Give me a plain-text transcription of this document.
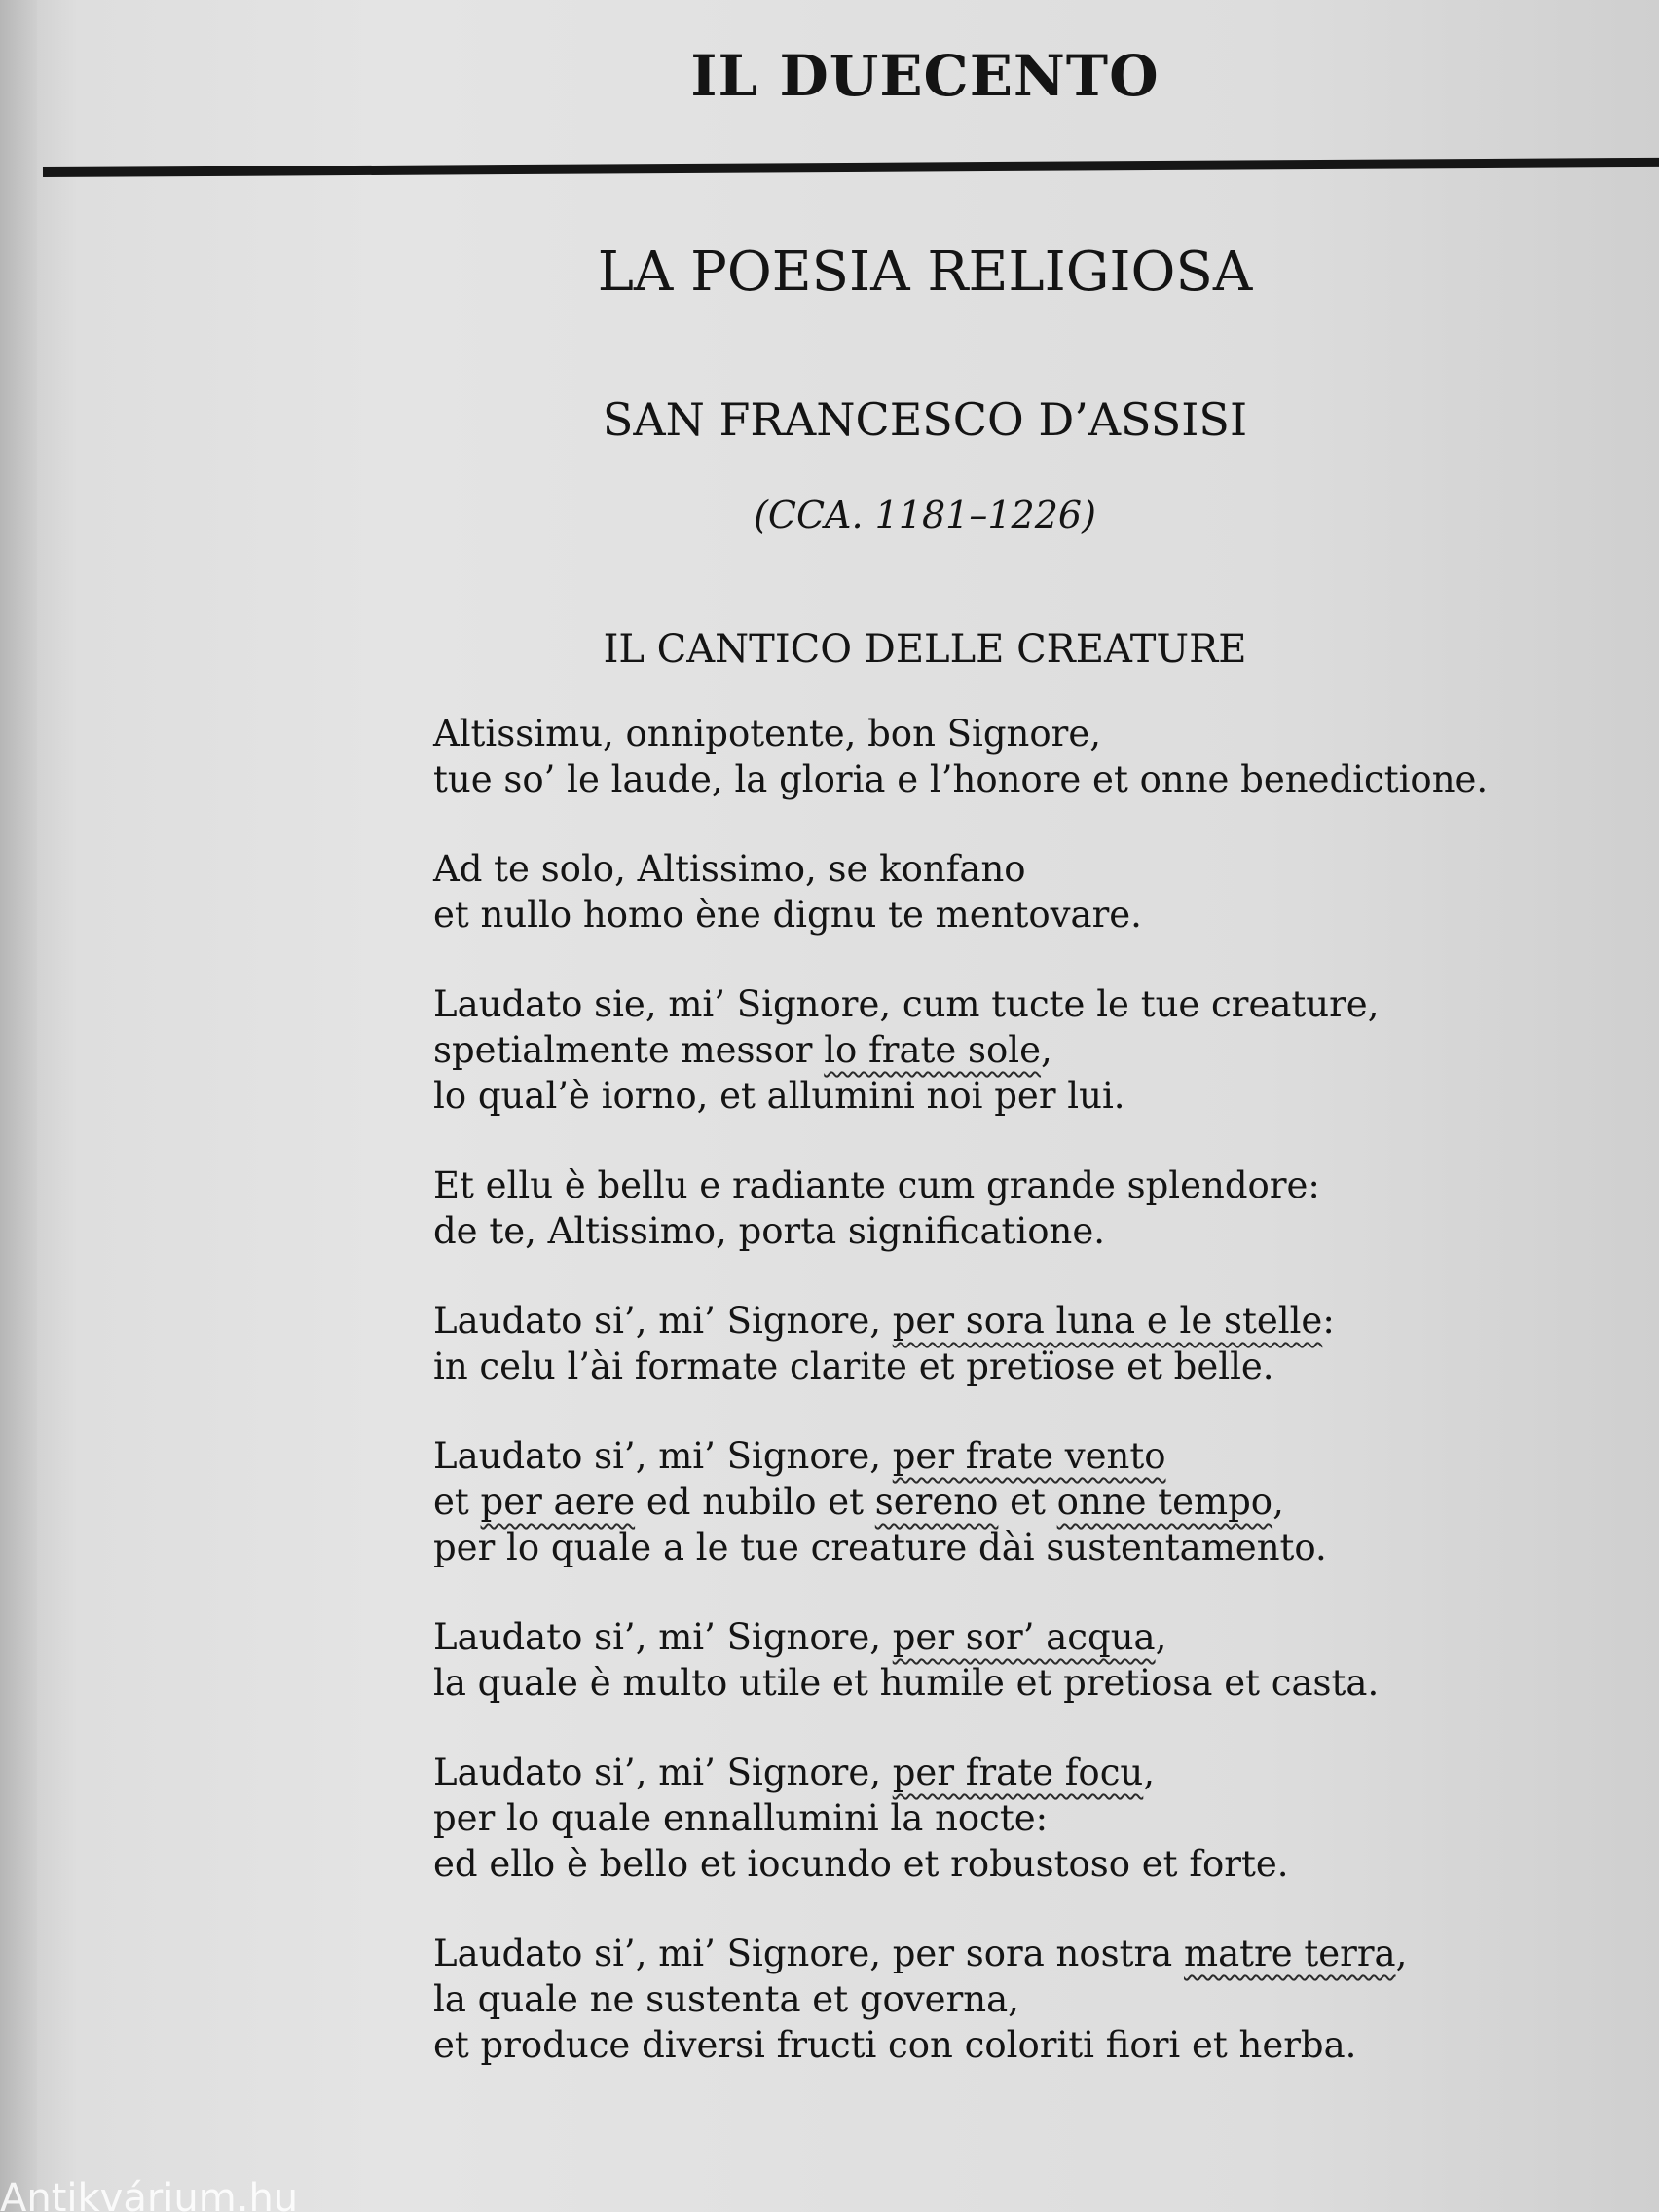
IL DUECENTO
LA POESIA RELIGIOSA
SAN FRANCESCO D’ASSISI
(CCA. 1181–1226)
IL CANTICO DELLE CREATURE
Altissimu, onnipotente, bon Signore,
tue so’ le laude, la gloria e l’honore et onne benedictione.
Ad te solo, Altissimo, se konfano
et nullo homo ène dignu te mentovare.
Laudato sie, mi’ Signore, cum tucte le tue creature,
spetialmente messor lo frate sole,
lo qual’è iorno, et allumini noi per lui.
Et ellu è bellu e radiante cum grande splendore:
de te, Altissimo, porta significatione.
Laudato si’, mi’ Signore, per sora luna e le stelle:
in celu l’ài formate clarite et pretïose et belle.
Laudato si’, mi’ Signore, per frate vento
et per aere ed nubilo et sereno et onne tempo,
per lo quale a le tue creature dài sustentamento.
Laudato si’, mi’ Signore, per sor’ acqua,
la quale è multo utile et humile et pretiosa et casta.
Laudato si’, mi’ Signore, per frate focu,
per lo quale ennallumini la nocte:
ed ello è bello et iocundo et robustoso et forte.
Laudato si’, mi’ Signore, per sora nostra matre terra,
la quale ne sustenta et governa,
et produce diversi fructi con coloriti fiori et herba.
Antikvárium.hu
